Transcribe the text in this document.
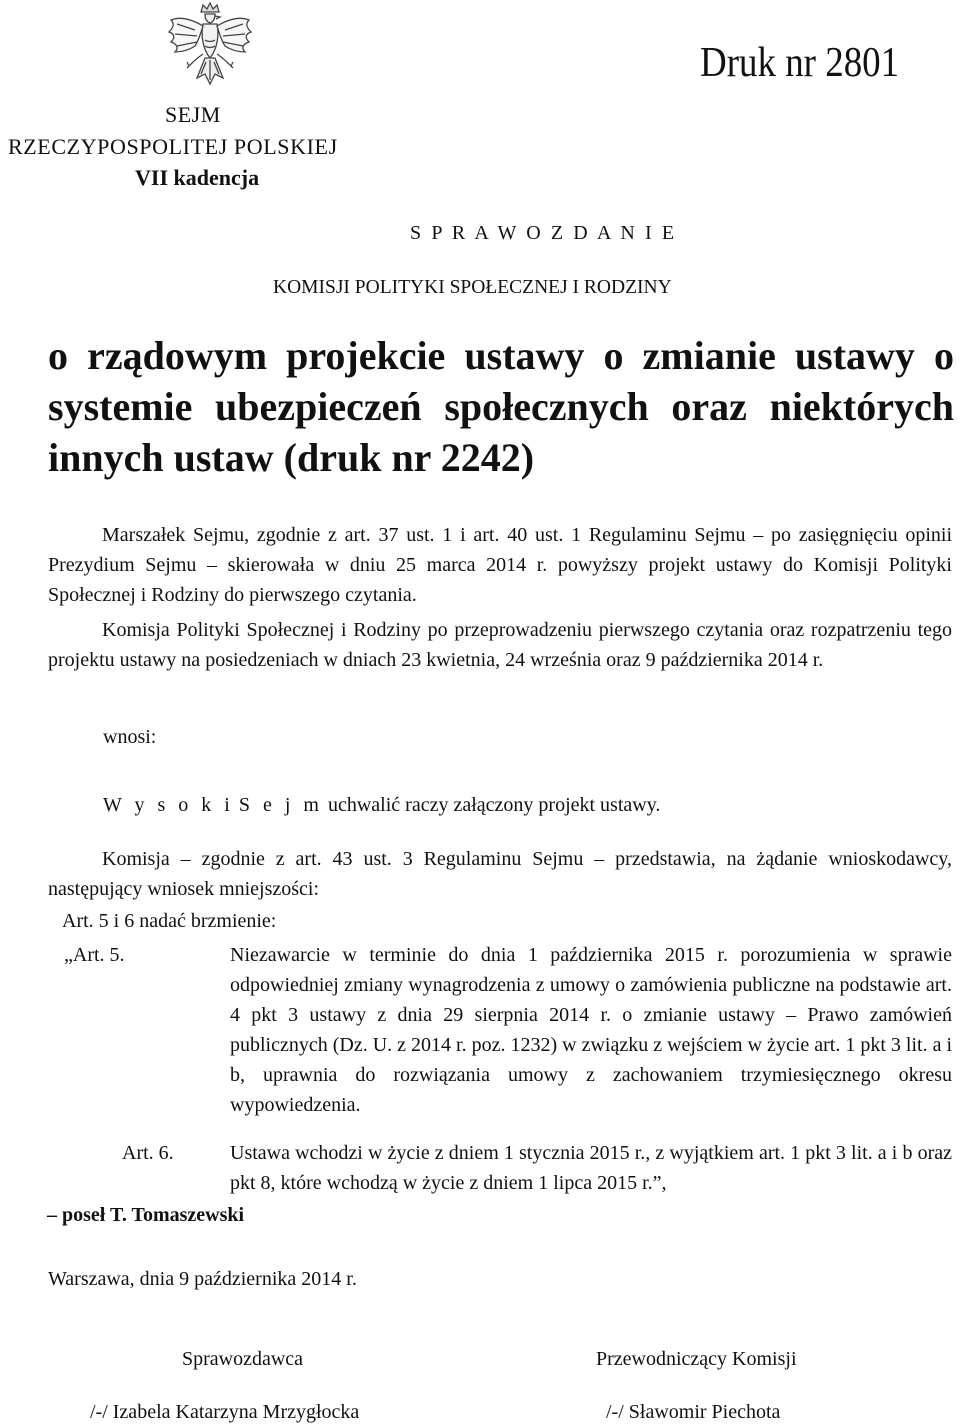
Druk nr 2801
SEJM
RZECZYPOSPOLITEJ POLSKIEJ
VII kadencja
S P R A W O Z D A N I E
KOMISJI POLITYKI SPOŁECZNEJ I RODZINY
o rządowym projekcie ustawy o zmianie ustawy o systemie ubezpieczeń społecznych oraz niektórych innych ustaw (druk nr 2242)
Marszałek Sejmu, zgodnie z art. 37 ust. 1 i art. 40 ust. 1 Regulaminu Sejmu – po zasięgnięciu opinii Prezydium Sejmu – skierowała w dniu 25 marca 2014 r. powyższy projekt ustawy do Komisji Polityki Społecznej i Rodziny do pierwszego czytania.
Komisja Polityki Społecznej i Rodziny po przeprowadzeniu pierwszego czytania oraz rozpatrzeniu tego projektu ustawy na posiedzeniach w dniach 23 kwietnia, 24 września oraz 9 października 2014 r.
wnosi:
W y s o k i S e j m uchwalić raczy załączony projekt ustawy.
Komisja – zgodnie z art. 43 ust. 3 Regulaminu Sejmu – przedstawia, na żądanie wnioskodawcy, następujący wniosek mniejszości:
Art. 5 i 6 nadać brzmienie:
„Art. 5.	Niezawarcie w terminie do dnia 1 października 2015 r. porozumienia w sprawie odpowiedniej zmiany wynagrodzenia z umowy o zamówienia publiczne na podstawie art. 4 pkt 3 ustawy z dnia 29 sierpnia 2014 r. o zmianie ustawy – Prawo zamówień publicznych (Dz. U. z 2014 r. poz. 1232) w związku z wejściem w życie art. 1 pkt 3 lit. a i b, uprawnia do rozwiązania umowy z zachowaniem trzymiesięcznego okresu wypowiedzenia.
Art. 6.	Ustawa wchodzi w życie z dniem 1 stycznia 2015 r., z wyjątkiem art. 1 pkt 3 lit. a i b oraz pkt 8, które wchodzą w życie z dniem 1 lipca 2015 r.”,
– poseł T. Tomaszewski
Warszawa, dnia 9 października 2014 r.
Sprawozdawca	Przewodniczący Komisji
/-/ Izabela Katarzyna Mrzygłocka	/-/ Sławomir Piechota
